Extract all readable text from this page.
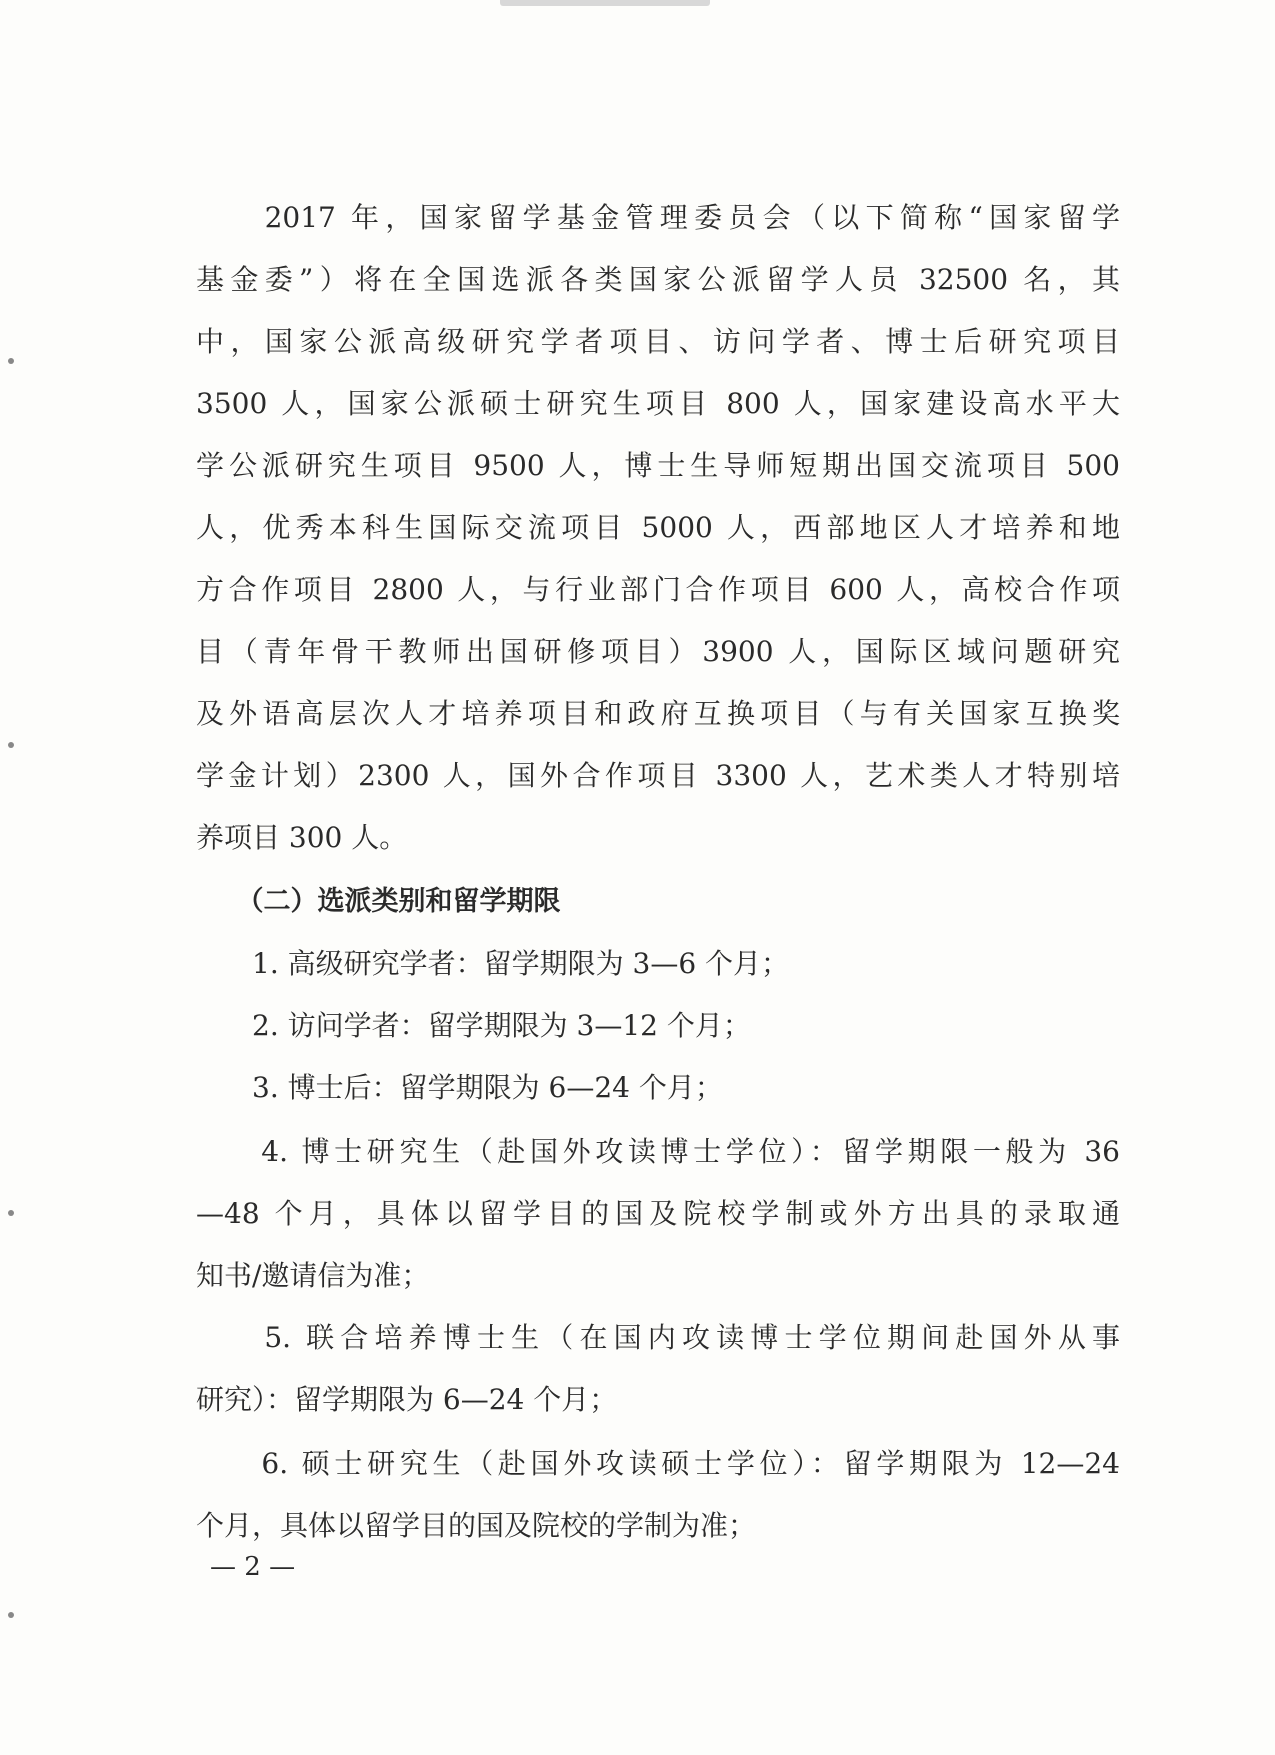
　　2017 年，国家留学基金管理委员会（以下简称“国家留学
基金委”）将在全国选派各类国家公派留学人员 32500 名，其
中，国家公派高级研究学者项目、访问学者、博士后研究项目
3500 人，国家公派硕士研究生项目 800 人，国家建设高水平大
学公派研究生项目 9500 人，博士生导师短期出国交流项目 500
人，优秀本科生国际交流项目 5000 人，西部地区人才培养和地
方合作项目 2800 人，与行业部门合作项目 600 人，高校合作项
目（青年骨干教师出国研修项目）3900 人，国际区域问题研究
及外语高层次人才培养项目和政府互换项目（与有关国家互换奖
学金计划）2300 人，国外合作项目 3300 人，艺术类人才特别培
养项目 300 人。
　　（二）选派类别和留学期限
　　1. 高级研究学者：留学期限为 3—6 个月；
　　2. 访问学者：留学期限为 3—12 个月；
　　3. 博士后：留学期限为 6—24 个月；
　　4. 博士研究生（赴国外攻读博士学位）：留学期限一般为 36
—48 个月，具体以留学目的国及院校学制或外方出具的录取通
知书/邀请信为准；
　　5. 联合培养博士生（在国内攻读博士学位期间赴国外从事
研究）：留学期限为 6—24 个月；
　　6. 硕士研究生（赴国外攻读硕士学位）：留学期限为 12—24
个月，具体以留学目的国及院校的学制为准；
— 2 —
